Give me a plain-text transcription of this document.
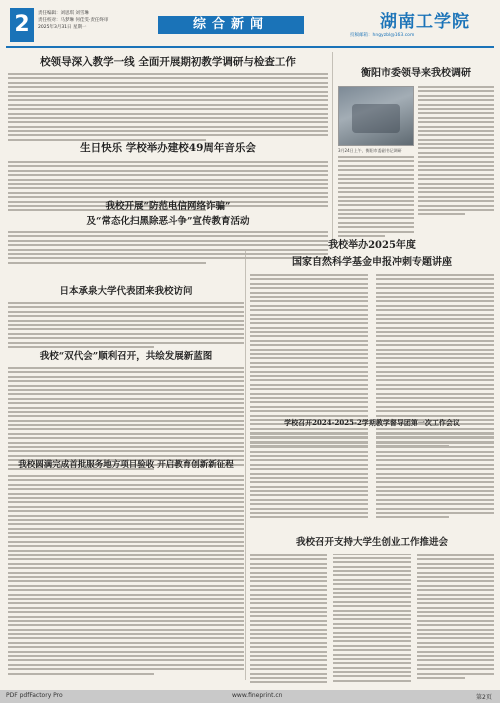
2	责任编辑：刘思琪 刘雪琳
责任校对：马梦琳 何佳雯·责任终审
2025年3月31日 星期一	综合新闻	湖南工学院
投稿邮箱：hngyzbl@163.com
校领导深入教学一线 全面开展期初教学调研与检查工作
生日快乐 学校举办建校49周年音乐会
我校开展“防范电信网络诈骗”
及“常态化扫黑除恶斗争”宣传教育活动
日本承泉大学代表团来我校访问
我校“双代会”顺利召开，共绘发展新蓝图
我校圆满完成首批服务地方项目验收 开启教育创新新征程
衡阳市委领导来我校调研
3月24日上午，衡阳市委副书记调研
我校举办2025年度
国家自然科学基金申报冲刺专题讲座
学校召开2024-2025-2学期教学督导团第一次工作会议
我校召开支持大学生创业工作推进会
PDF pdfFactory Pro	www.fineprint.cn	第2页
